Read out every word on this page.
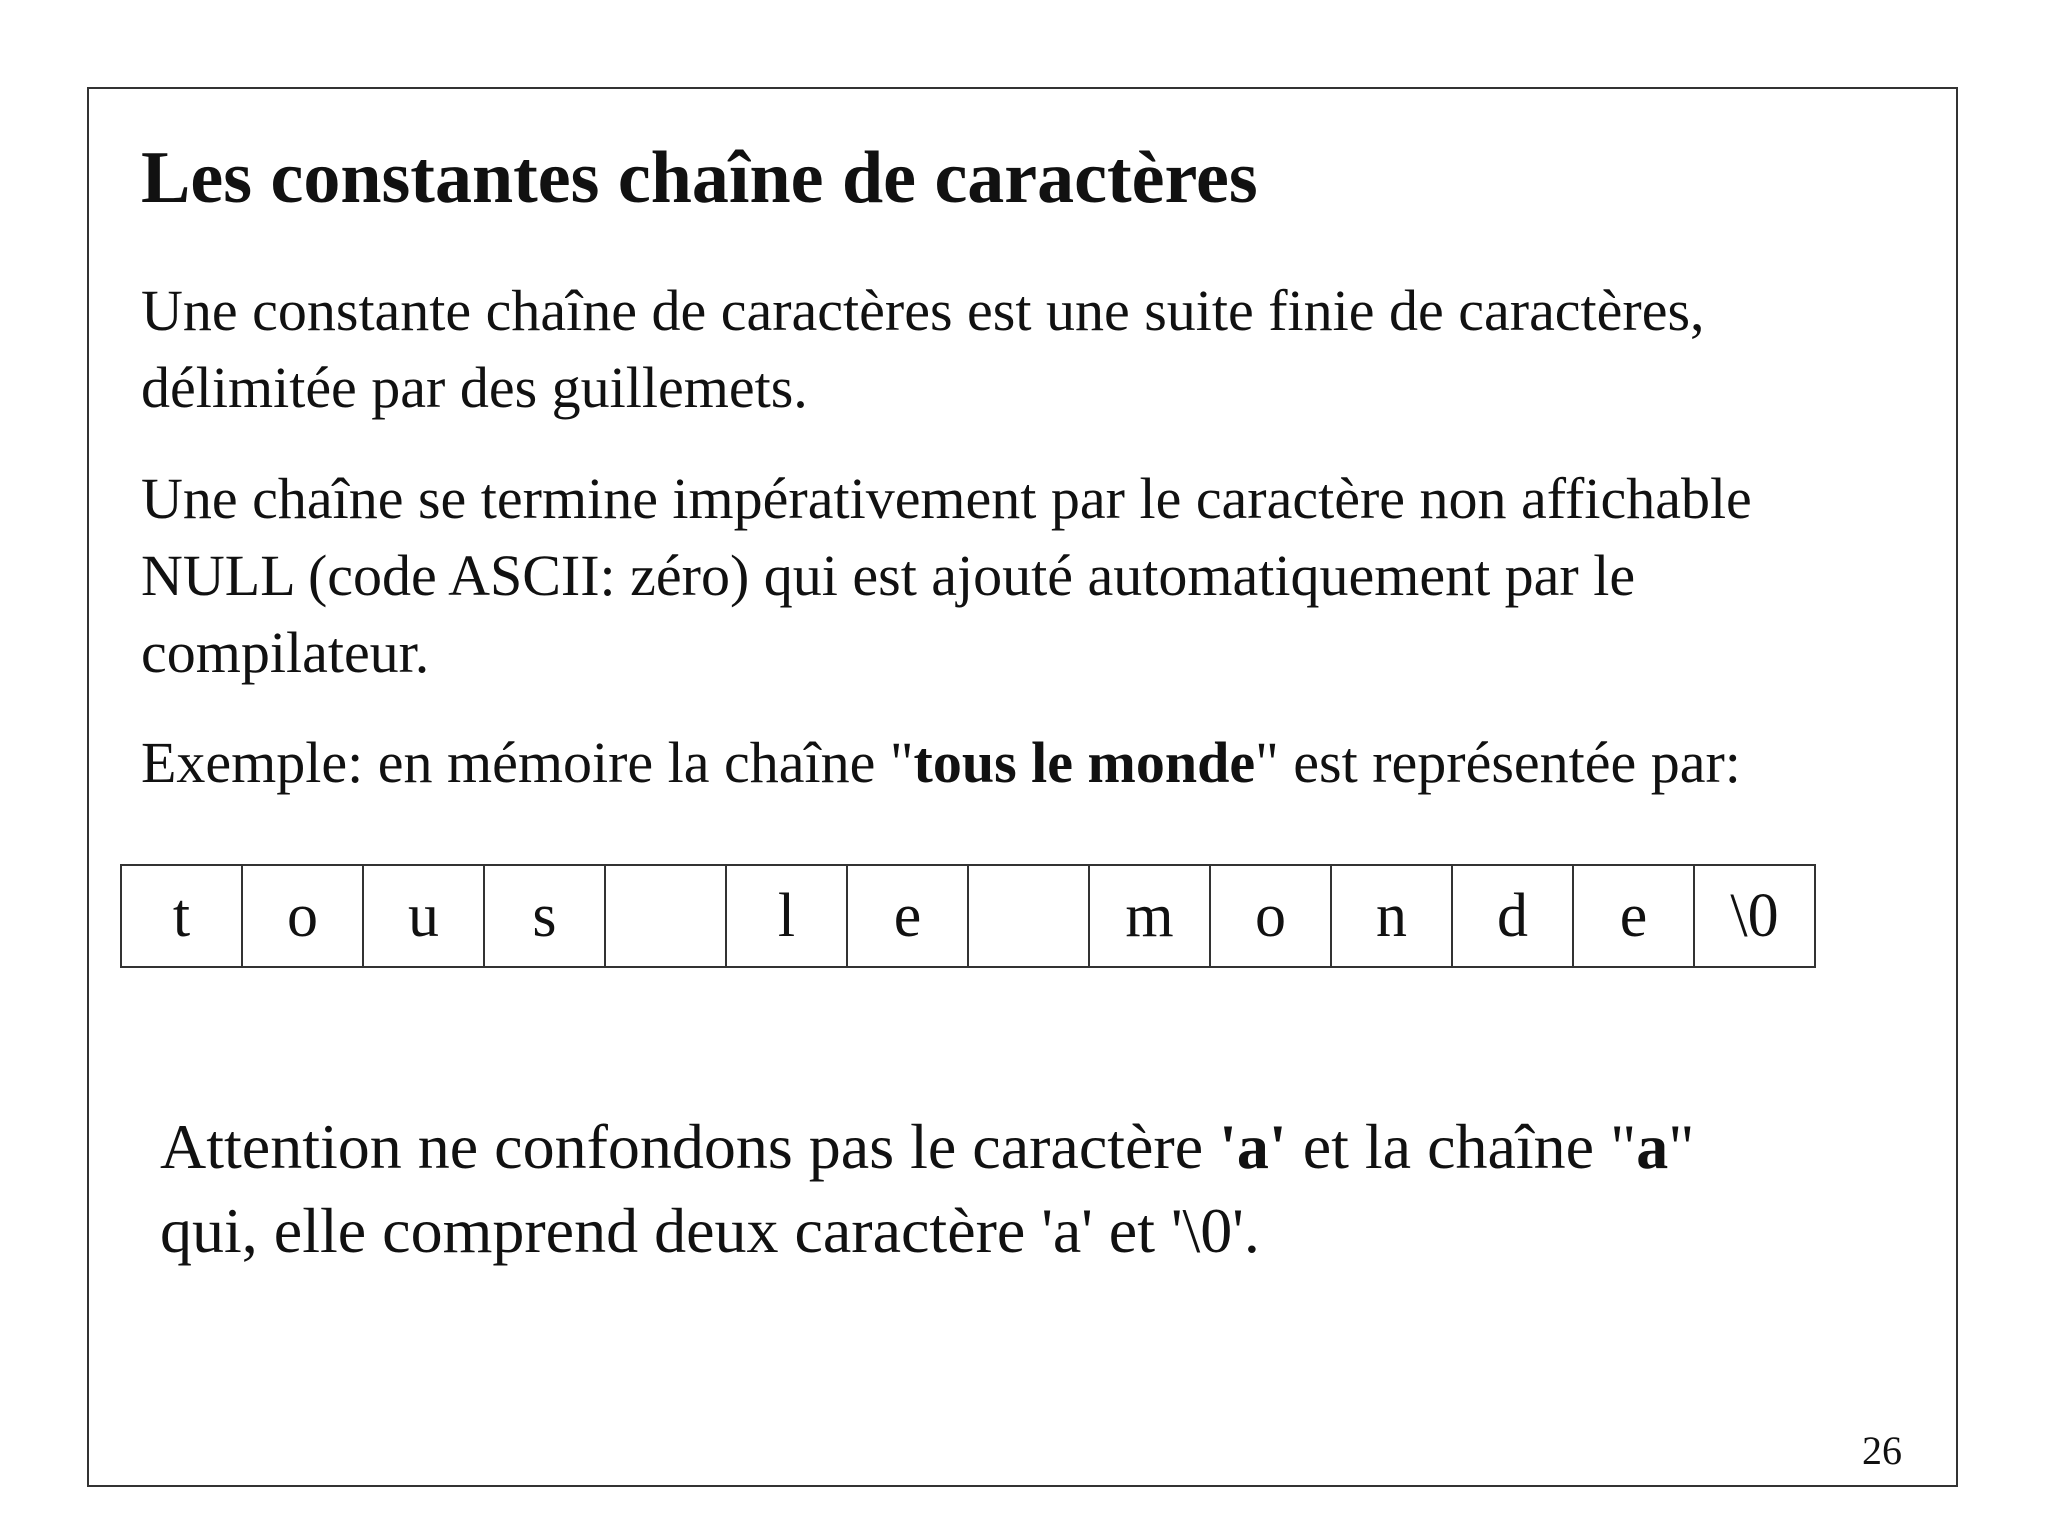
Les constantes chaîne de caractères
Une constante chaîne de caractères est une suite finie de caractères,
délimitée par des guillemets.
Une chaîne se termine impérativement par le caractère non affichable
NULL (code ASCII: zéro) qui est ajouté automatiquement par le
compilateur.
Exemple: en mémoire la chaîne "tous le monde" est représentée par:
t	o	u	s		l	e		m	o	n	d	e	\0
Attention ne confondons pas le caractère 'a' et la chaîne "a"
qui, elle comprend deux caractère 'a' et '\0'.
26
